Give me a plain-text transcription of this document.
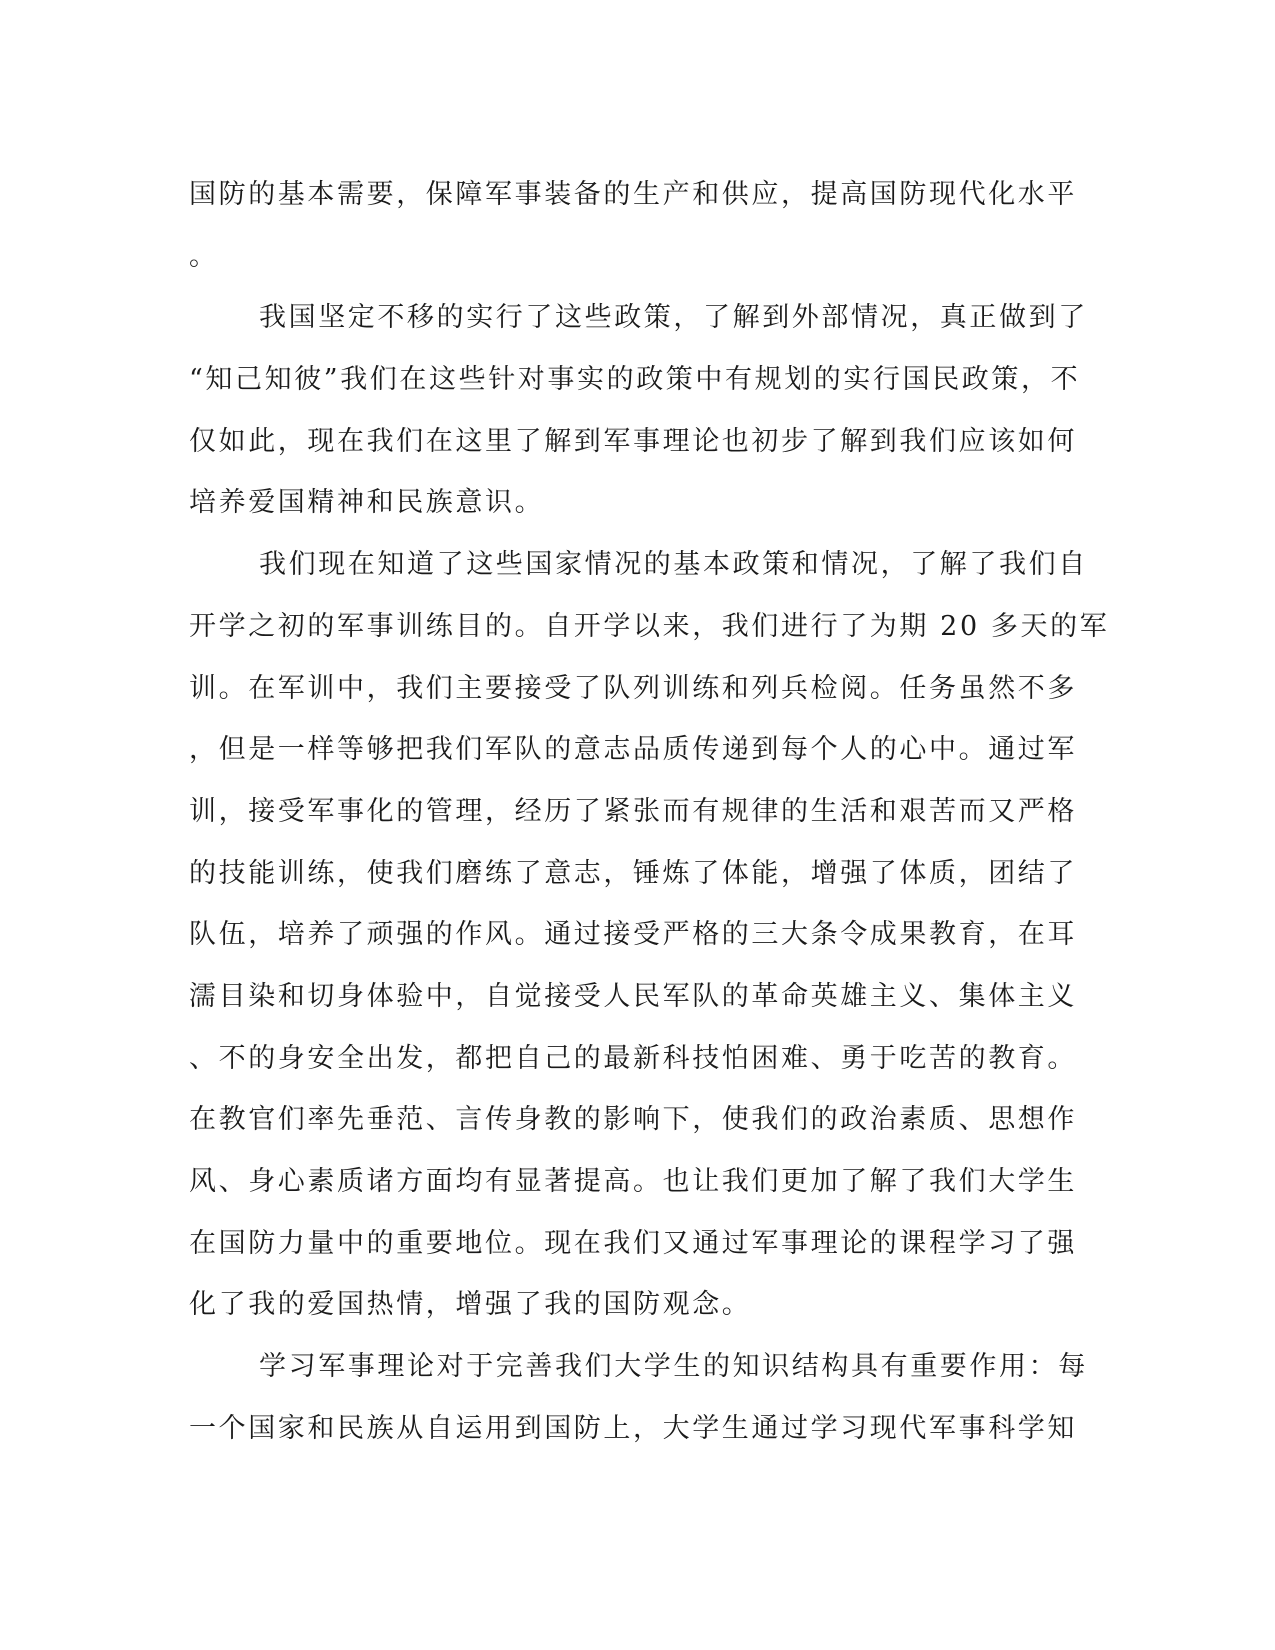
国防的基本需要，保障军事装备的生产和供应，提高国防现代化水平
。
我国坚定不移的实行了这些政策，了解到外部情况，真正做到了
“知己知彼”我们在这些针对事实的政策中有规划的实行国民政策，不
仅如此，现在我们在这里了解到军事理论也初步了解到我们应该如何
培养爱国精神和民族意识。
我们现在知道了这些国家情况的基本政策和情况，了解了我们自
开学之初的军事训练目的。自开学以来，我们进行了为期 20 多天的军
训。在军训中，我们主要接受了队列训练和列兵检阅。任务虽然不多
，但是一样等够把我们军队的意志品质传递到每个人的心中。通过军
训，接受军事化的管理，经历了紧张而有规律的生活和艰苦而又严格
的技能训练，使我们磨练了意志，锤炼了体能，增强了体质，团结了
队伍，培养了顽强的作风。通过接受严格的三大条令成果教育，在耳
濡目染和切身体验中，自觉接受人民军队的革命英雄主义、集体主义
、不的身安全出发，都把自己的最新科技怕困难、勇于吃苦的教育。
在教官们率先垂范、言传身教的影响下，使我们的政治素质、思想作
风、身心素质诸方面均有显著提高。也让我们更加了解了我们大学生
在国防力量中的重要地位。现在我们又通过军事理论的课程学习了强
化了我的爱国热情，增强了我的国防观念。
学习军事理论对于完善我们大学生的知识结构具有重要作用：每
一个国家和民族从自运用到国防上，大学生通过学习现代军事科学知
